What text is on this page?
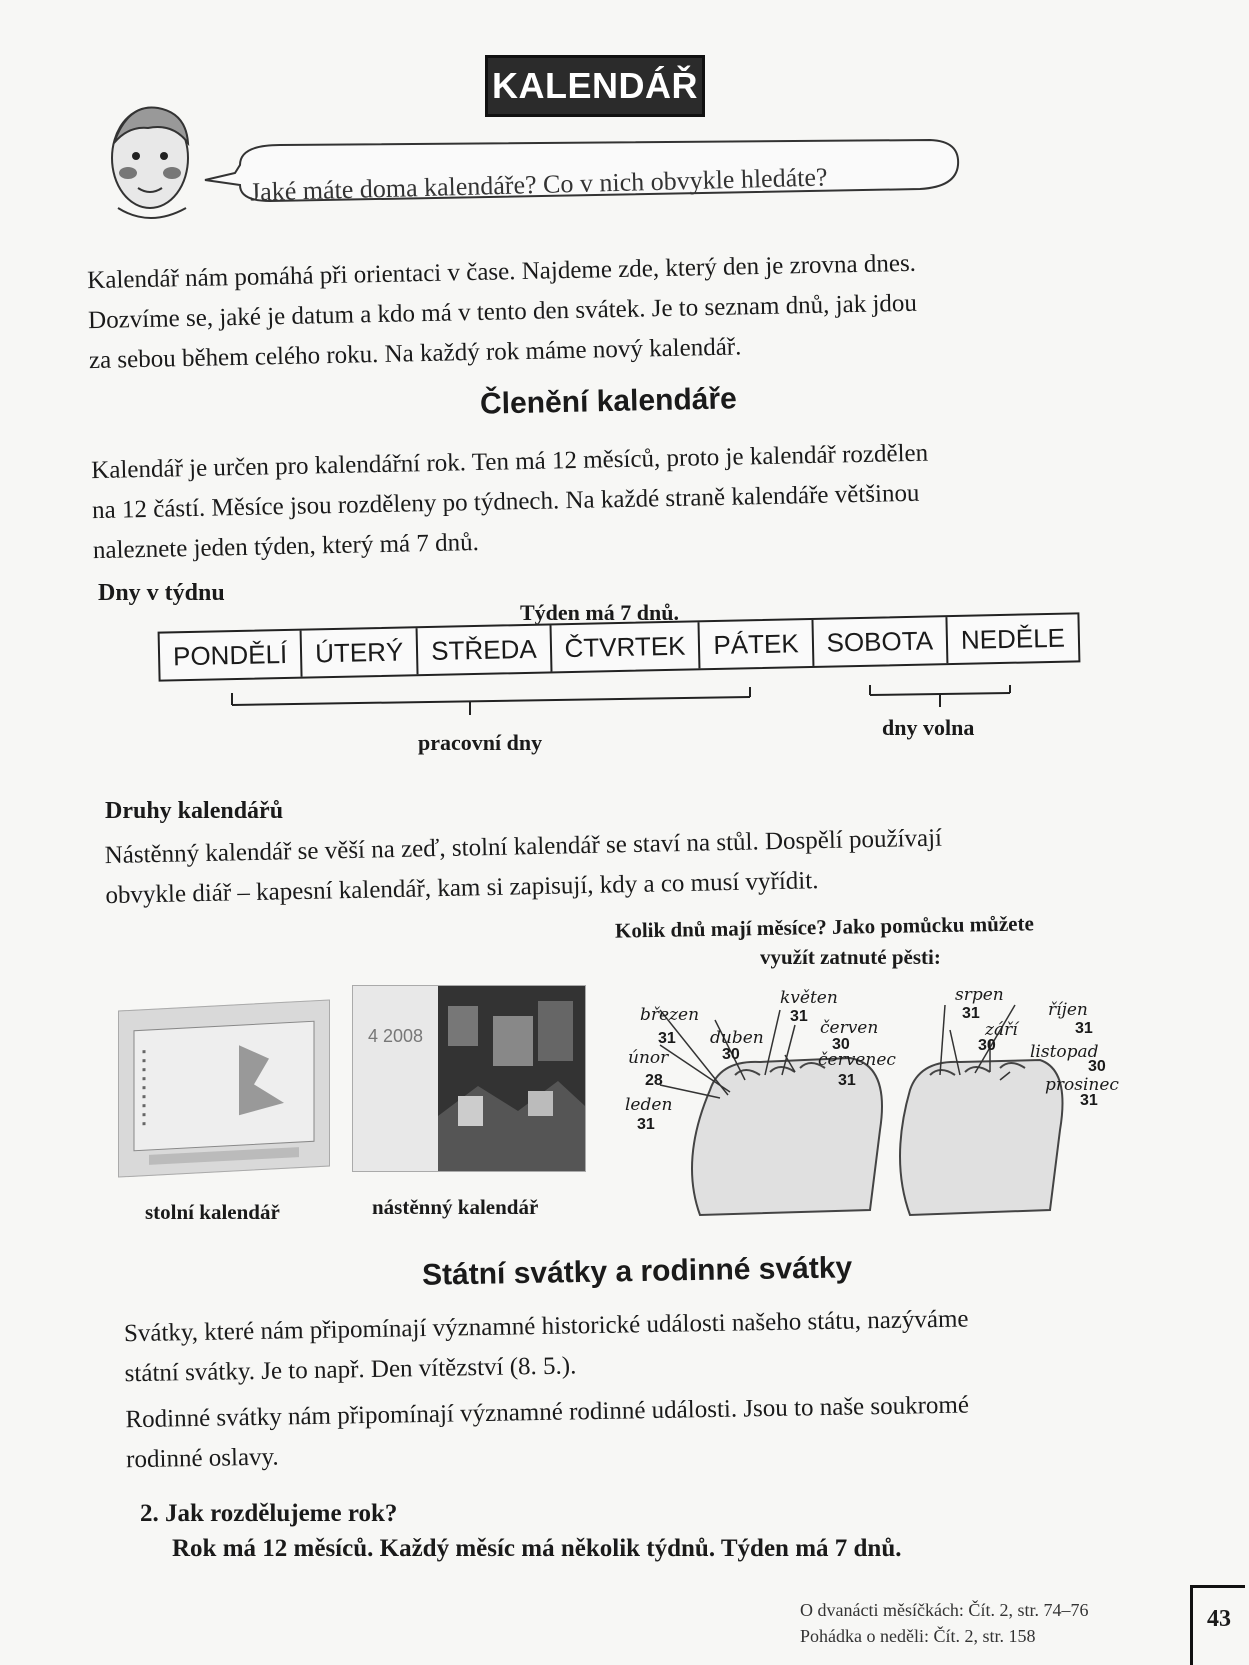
KALENDÁŘ
Jaké máte doma kalendáře? Co v nich obvykle hledáte?
Kalendář nám pomáhá při orientaci v čase. Najdeme zde, který den je zrovna dnes.
Dozvíme se, jaké je datum a kdo má v tento den svátek. Je to seznam dnů, jak jdou
za sebou během celého roku. Na každý rok máme nový kalendář.
Členění kalendáře
Kalendář je určen pro kalendářní rok. Ten má 12 měsíců, proto je kalendář rozdělen
na 12 částí. Měsíce jsou rozděleny po týdnech. Na každé straně kalendáře většinou
naleznete jeden týden, který má 7 dnů.
Dny v týdnu
Týden má 7 dnů.
PONDĚLÍ	ÚTERÝ	STŘEDA	ČTVRTEK	PÁTEK	SOBOTA	NEDĚLE
pracovní dny
dny volna
Druhy kalendářů
Nástěnný kalendář se věší na zeď, stolní kalendář se staví na stůl. Dospělí používají
obvykle diář – kapesní kalendář, kam si zapisují, kdy a co musí vyřídit.
stolní kalendář
4 2008
nástěnný kalendář
Kolik dnů mají měsíce? Jako pomůcku můžete
využít zatnuté pěsti:
březen
31 duben
30
květen
31
červen
30
únor
28
červenec
31
leden
31
srpen
31
září
30
říjen
31
listopad
30
prosinec
31
Státní svátky a rodinné svátky
Svátky, které nám připomínají významné historické události našeho státu, nazýváme
státní svátky. Je to např. Den vítězství (8. 5.).
Rodinné svátky nám připomínají významné rodinné události. Jsou to naše soukromé
rodinné oslavy.
2. Jak rozdělujeme rok?
Rok má 12 měsíců. Každý měsíc má několik týdnů. Týden má 7 dnů.
O dvanácti měsíčkách: Čít. 2, str. 74–76
Pohádka o neděli: Čít. 2, str. 158
43
